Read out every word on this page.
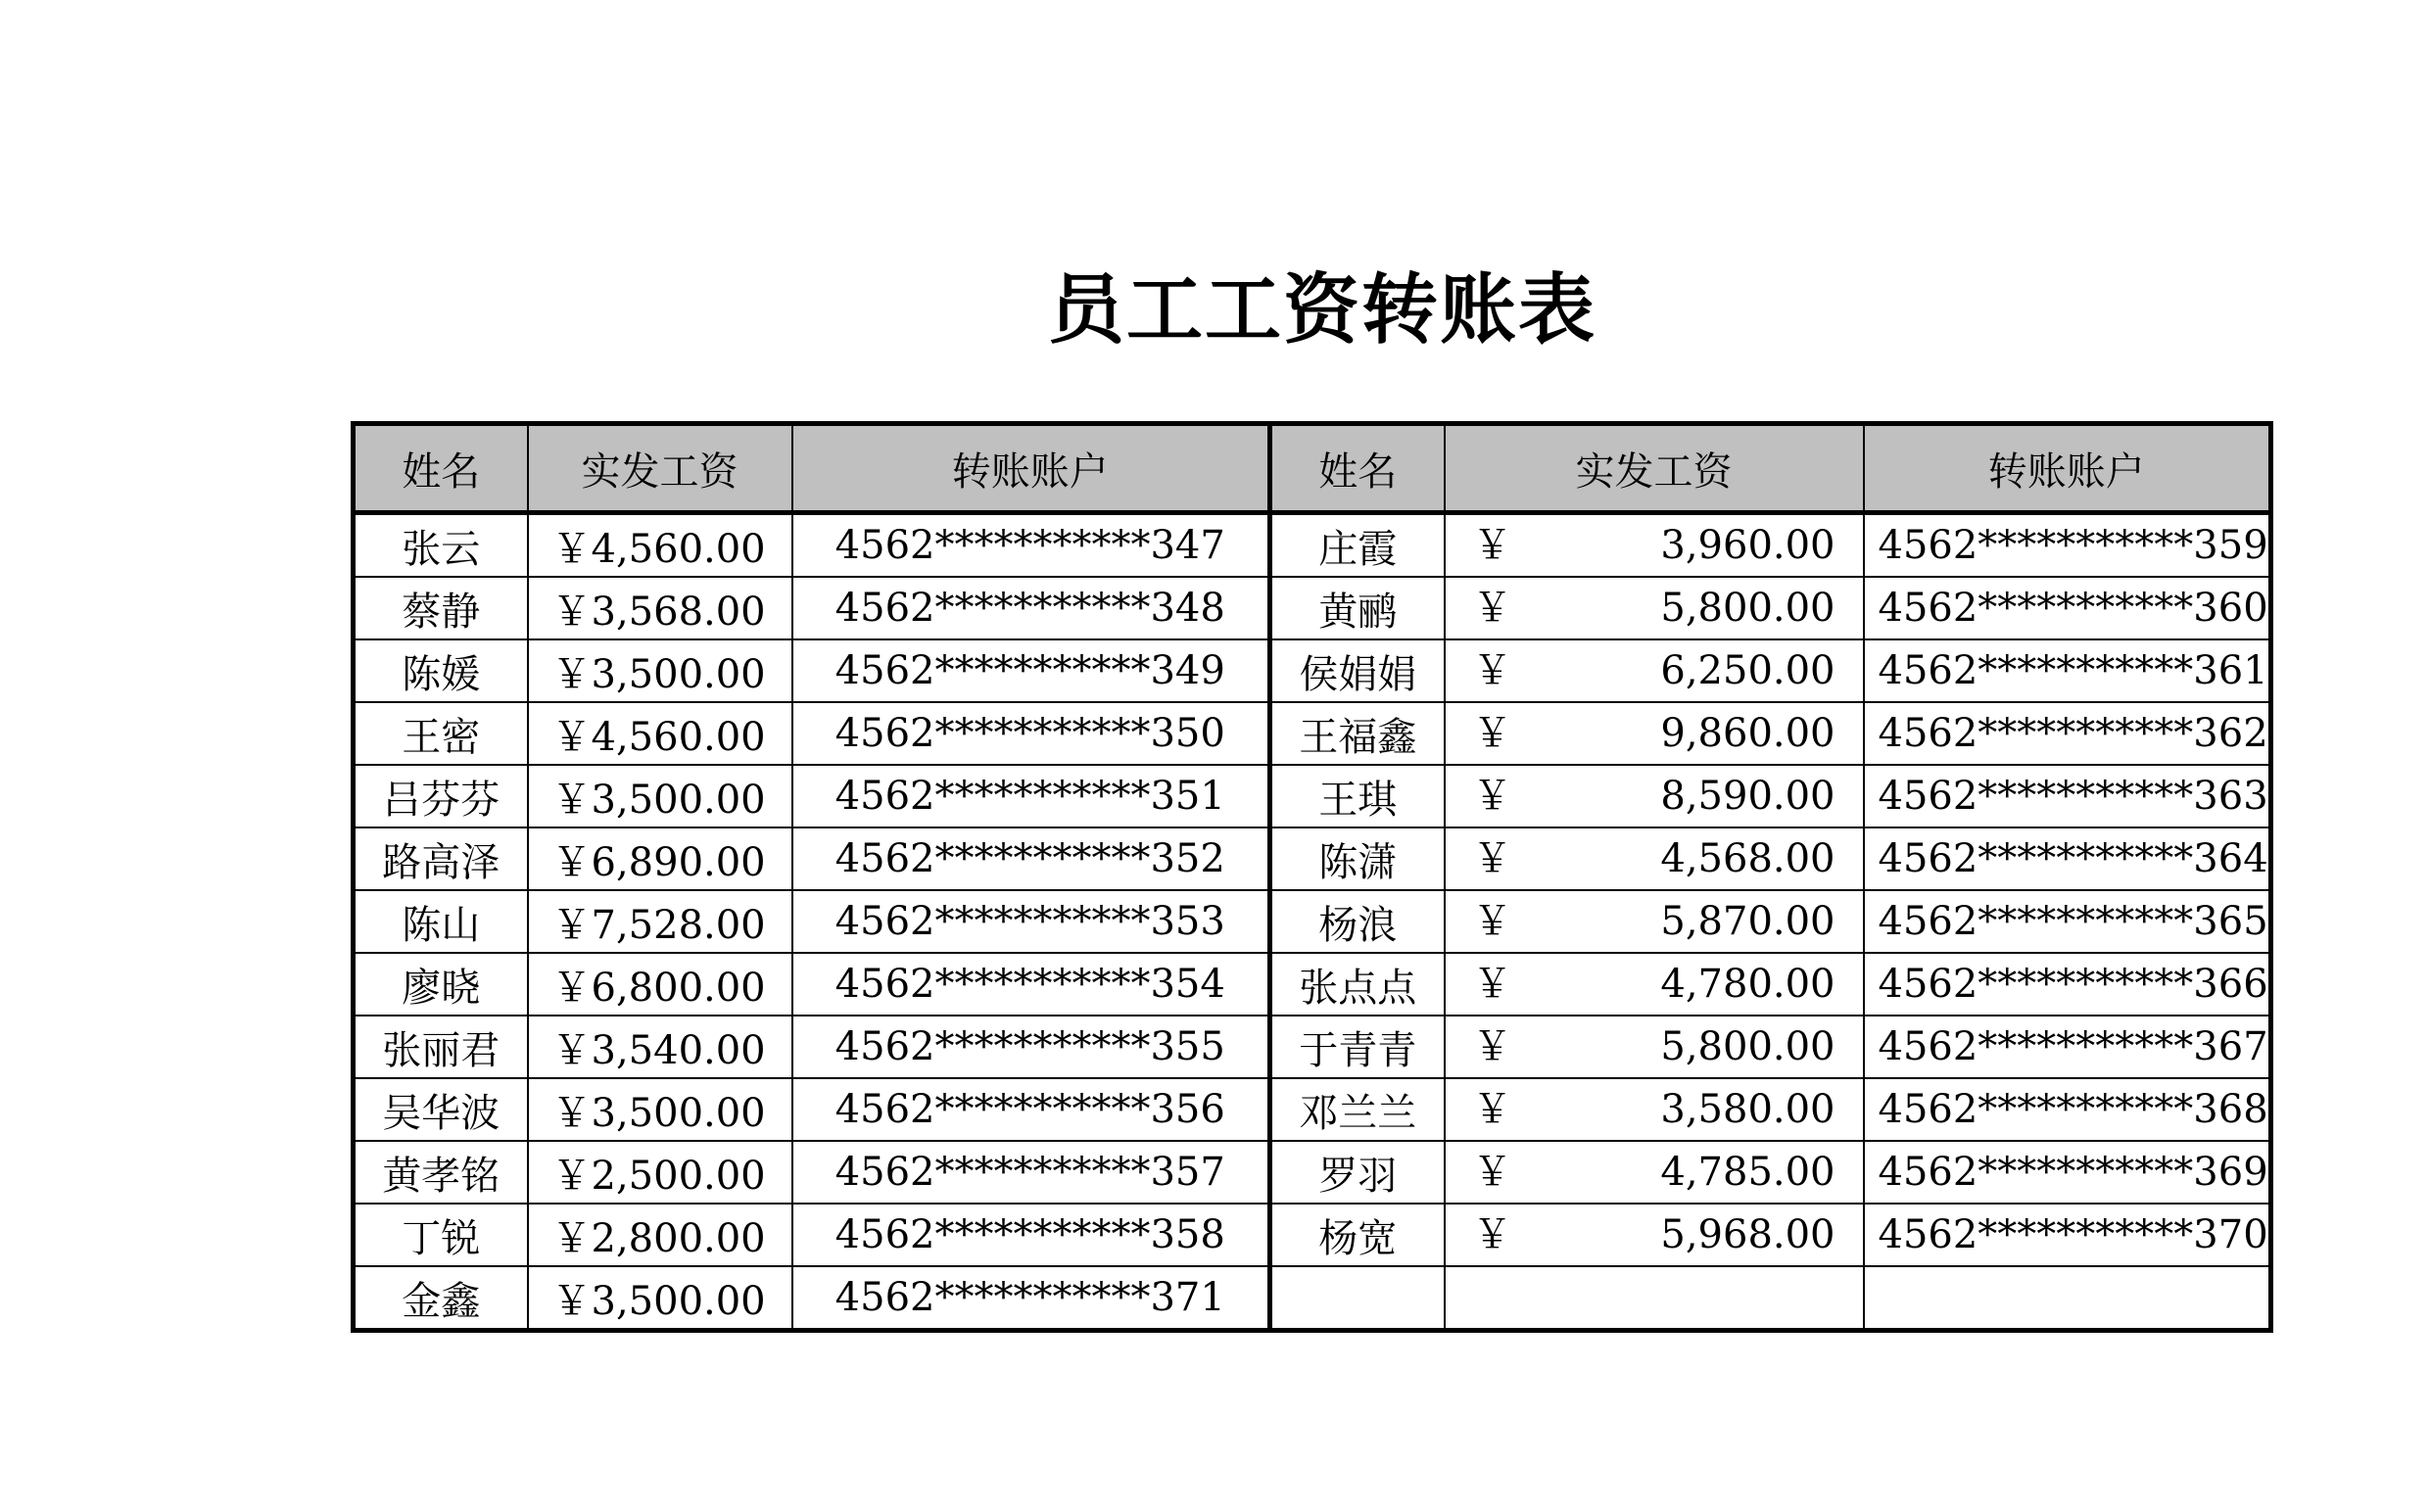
员工工资转账表
姓名	实发工资	转账账户	姓名	实发工资	转账账户
张云	￥4,560.00	4562***********347	庄霞	￥ 3,960.00	4562***********359
蔡静	￥3,568.00	4562***********348	黄鹂	￥ 5,800.00	4562***********360
陈媛	￥3,500.00	4562***********349	侯娟娟	￥ 6,250.00	4562***********361
王密	￥4,560.00	4562***********350	王福鑫	￥ 9,860.00	4562***********362
吕芬芬	￥3,500.00	4562***********351	王琪	￥ 8,590.00	4562***********363
路高泽	￥6,890.00	4562***********352	陈潇	￥ 4,568.00	4562***********364
陈山	￥7,528.00	4562***********353	杨浪	￥ 5,870.00	4562***********365
廖晓	￥6,800.00	4562***********354	张点点	￥ 4,780.00	4562***********366
张丽君	￥3,540.00	4562***********355	于青青	￥ 5,800.00	4562***********367
吴华波	￥3,500.00	4562***********356	邓兰兰	￥ 3,580.00	4562***********368
黄孝铭	￥2,500.00	4562***********357	罗羽	￥ 4,785.00	4562***********369
丁锐	￥2,800.00	4562***********358	杨宽	￥ 5,968.00	4562***********370
金鑫	￥3,500.00	4562***********371			
